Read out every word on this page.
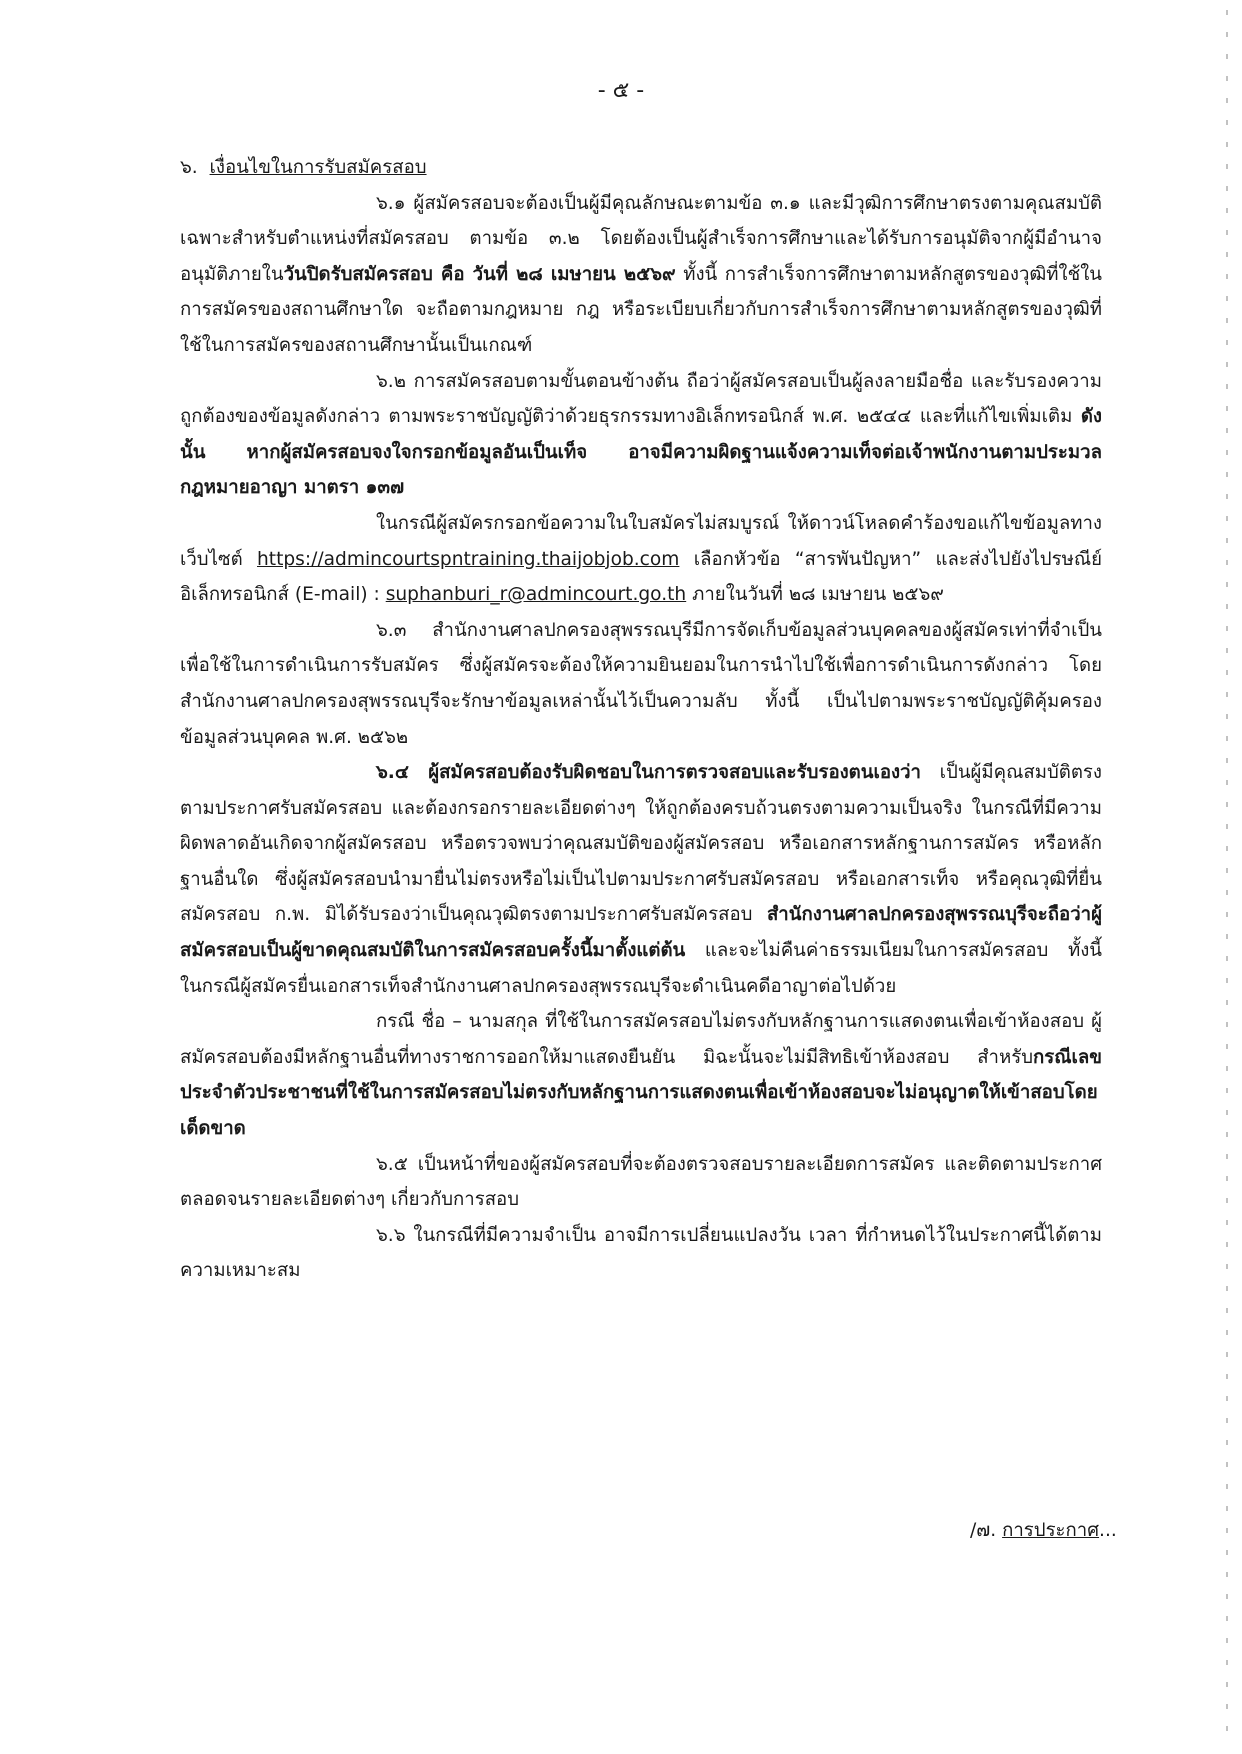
- ๕ -

๖. เงื่อนไขในการรับสมัครสอบ

๖.๑ ผู้สมัครสอบจะต้องเป็นผู้มีคุณลักษณะตามข้อ ๓.๑ และมีวุฒิการศึกษาตรงตามคุณสมบัติเฉพาะสำหรับตำแหน่งที่สมัครสอบ ตามข้อ ๓.๒ โดยต้องเป็นผู้สำเร็จการศึกษาและได้รับการอนุมัติจากผู้มีอำนาจอนุมัติภายในวันปิดรับสมัครสอบ คือ วันที่ ๒๘ เมษายน ๒๕๖๙ ทั้งนี้ การสำเร็จการศึกษาตามหลักสูตรของวุฒิที่ใช้ในการสมัครของสถานศึกษาใด จะถือตามกฎหมาย กฎ หรือระเบียบเกี่ยวกับการสำเร็จการศึกษาตามหลักสูตรของวุฒิที่ใช้ในการสมัครของสถานศึกษานั้นเป็นเกณฑ์

๖.๒ การสมัครสอบตามขั้นตอนข้างต้น ถือว่าผู้สมัครสอบเป็นผู้ลงลายมือชื่อ และรับรองความถูกต้องของข้อมูลดังกล่าว ตามพระราชบัญญัติว่าด้วยธุรกรรมทางอิเล็กทรอนิกส์ พ.ศ. ๒๕๔๔ และที่แก้ไขเพิ่มเติม ดังนั้น หากผู้สมัครสอบจงใจกรอกข้อมูลอันเป็นเท็จ อาจมีความผิดฐานแจ้งความเท็จต่อเจ้าพนักงานตามประมวลกฎหมายอาญา มาตรา ๑๓๗

ในกรณีผู้สมัครกรอกข้อความในใบสมัครไม่สมบูรณ์ ให้ดาวน์โหลดคำร้องขอแก้ไขข้อมูลทางเว็บไซต์ https://admincourtspntraining.thaijobjob.com เลือกหัวข้อ “สารพันปัญหา” และส่งไปยังไปรษณีย์อิเล็กทรอนิกส์ (E-mail) : suphanburi_r@admincourt.go.th ภายในวันที่ ๒๘ เมษายน ๒๕๖๙

๖.๓ สำนักงานศาลปกครองสุพรรณบุรีมีการจัดเก็บข้อมูลส่วนบุคคลของผู้สมัครเท่าที่จำเป็นเพื่อใช้ในการดำเนินการรับสมัคร ซึ่งผู้สมัครจะต้องให้ความยินยอมในการนำไปใช้เพื่อการดำเนินการดังกล่าว โดยสำนักงานศาลปกครองสุพรรณบุรีจะรักษาข้อมูลเหล่านั้นไว้เป็นความลับ ทั้งนี้ เป็นไปตามพระราชบัญญัติคุ้มครองข้อมูลส่วนบุคคล พ.ศ. ๒๕๖๒

๖.๔ ผู้สมัครสอบต้องรับผิดชอบในการตรวจสอบและรับรองตนเองว่า เป็นผู้มีคุณสมบัติตรงตามประกาศรับสมัครสอบ และต้องกรอกรายละเอียดต่างๆ ให้ถูกต้องครบถ้วนตรงตามความเป็นจริง ในกรณีที่มีความผิดพลาดอันเกิดจากผู้สมัครสอบ หรือตรวจพบว่าคุณสมบัติของผู้สมัครสอบ หรือเอกสารหลักฐานการสมัคร หรือหลักฐานอื่นใด ซึ่งผู้สมัครสอบนำมายื่นไม่ตรงหรือไม่เป็นไปตามประกาศรับสมัครสอบ หรือเอกสารเท็จ หรือคุณวุฒิที่ยื่นสมัครสอบ ก.พ. มิได้รับรองว่าเป็นคุณวุฒิตรงตามประกาศรับสมัครสอบ สำนักงานศาลปกครองสุพรรณบุรีจะถือว่าผู้สมัครสอบเป็นผู้ขาดคุณสมบัติในการสมัครสอบครั้งนี้มาตั้งแต่ต้น และจะไม่คืนค่าธรรมเนียมในการสมัครสอบ ทั้งนี้ ในกรณีผู้สมัครยื่นเอกสารเท็จสำนักงานศาลปกครองสุพรรณบุรีจะดำเนินคดีอาญาต่อไปด้วย

กรณี ชื่อ – นามสกุล ที่ใช้ในการสมัครสอบไม่ตรงกับหลักฐานการแสดงตนเพื่อเข้าห้องสอบ ผู้สมัครสอบต้องมีหลักฐานอื่นที่ทางราชการออกให้มาแสดงยืนยัน มิฉะนั้นจะไม่มีสิทธิเข้าห้องสอบ สำหรับกรณีเลขประจำตัวประชาชนที่ใช้ในการสมัครสอบไม่ตรงกับหลักฐานการแสดงตนเพื่อเข้าห้องสอบจะไม่อนุญาตให้เข้าสอบโดยเด็ดขาด

๖.๕ เป็นหน้าที่ของผู้สมัครสอบที่จะต้องตรวจสอบรายละเอียดการสมัคร และติดตามประกาศตลอดจนรายละเอียดต่างๆ เกี่ยวกับการสอบ

๖.๖ ในกรณีที่มีความจำเป็น อาจมีการเปลี่ยนแปลงวัน เวลา ที่กำหนดไว้ในประกาศนี้ได้ตามความเหมาะสม

/๗. การประกาศ...
